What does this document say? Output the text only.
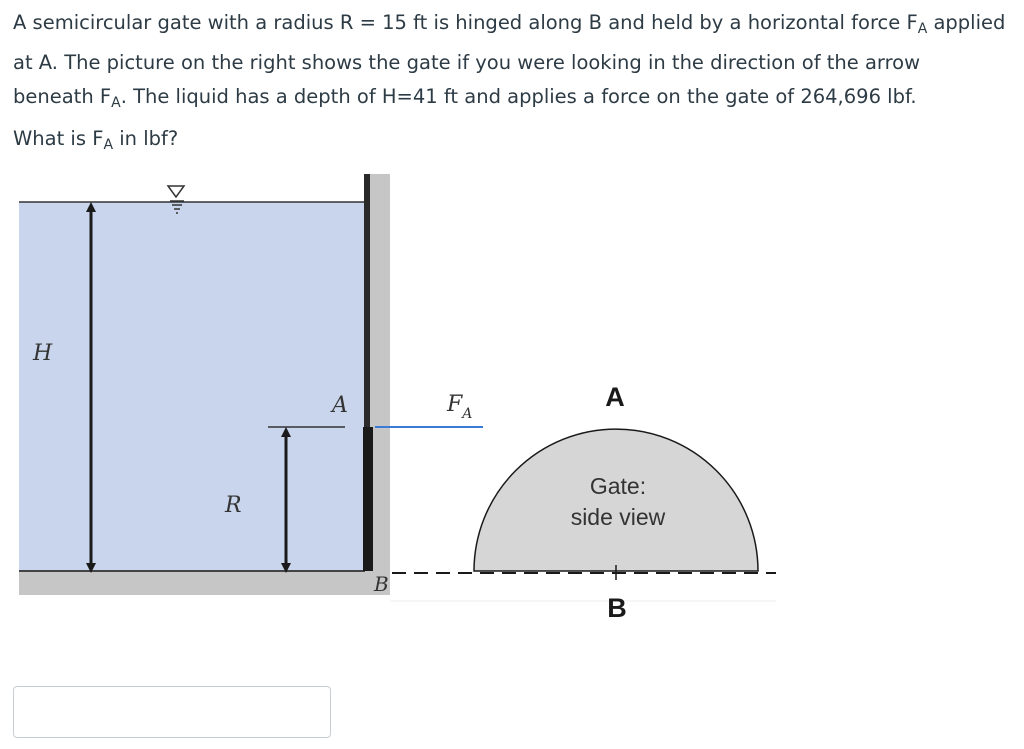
A semicircular gate with a radius R = 15 ft is hinged along B and held by a horizontal force $F_A$ applied

at A. The picture on the right shows the gate if you were looking in the direction of the arrow

beneath $F_A$. The liquid has a depth of H=41 ft and applies a force on the gate of 264,696 lbf.

What is $F_A$ in lbf?
H
R
A
B
$F_A$
Gate:
side view
A
B
